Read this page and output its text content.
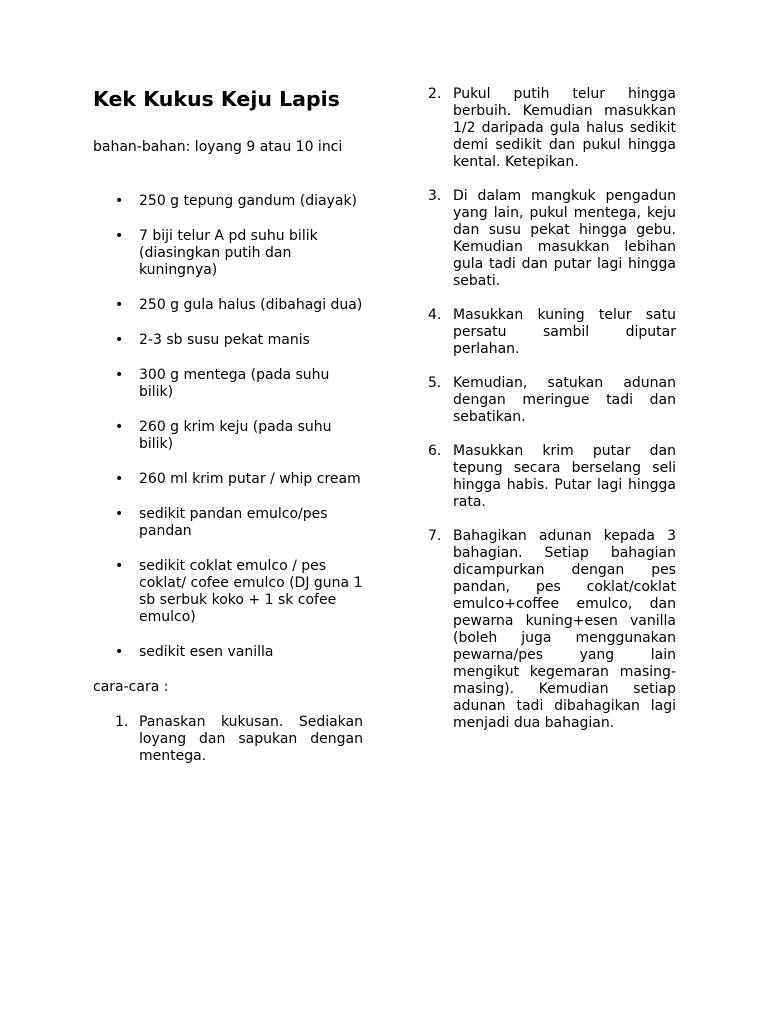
Kek Kukus Keju Lapis

bahan-bahan: loyang 9 atau 10 inci

• 250 g tepung gandum (diayak)
• 7 biji telur A pd suhu bilik (diasingkan putih dan kuningnya)
• 250 g gula halus (dibahagi dua)
• 2-3 sb susu pekat manis
• 300 g mentega (pada suhu bilik)
• 260 g krim keju (pada suhu bilik)
• 260 ml krim putar / whip cream
• sedikit pandan emulco/pes pandan
• sedikit coklat emulco / pes coklat/ cofee emulco (DJ guna 1 sb serbuk koko + 1 sk cofee emulco)
• sedikit esen vanilla

cara-cara :

1. Panaskan kukusan. Sediakan loyang dan sapukan dengan mentega.
2. Pukul putih telur hingga berbuih. Kemudian masukkan 1/2 daripada gula halus sedikit demi sedikit dan pukul hingga kental. Ketepikan.
3. Di dalam mangkuk pengadun yang lain, pukul mentega, keju dan susu pekat hingga gebu. Kemudian masukkan lebihan gula tadi dan putar lagi hingga sebati.
4. Masukkan kuning telur satu persatu sambil diputar perlahan.
5. Kemudian, satukan adunan dengan meringue tadi dan sebatikan.
6. Masukkan krim putar dan tepung secara berselang seli hingga habis. Putar lagi hingga rata.
7. Bahagikan adunan kepada 3 bahagian. Setiap bahagian dicampurkan dengan pes pandan, pes coklat/coklat emulco+coffee emulco, dan pewarna kuning+esen vanilla (boleh juga menggunakan pewarna/pes yang lain mengikut kegemaran masing-masing). Kemudian setiap adunan tadi dibahagikan lagi menjadi dua bahagian.
